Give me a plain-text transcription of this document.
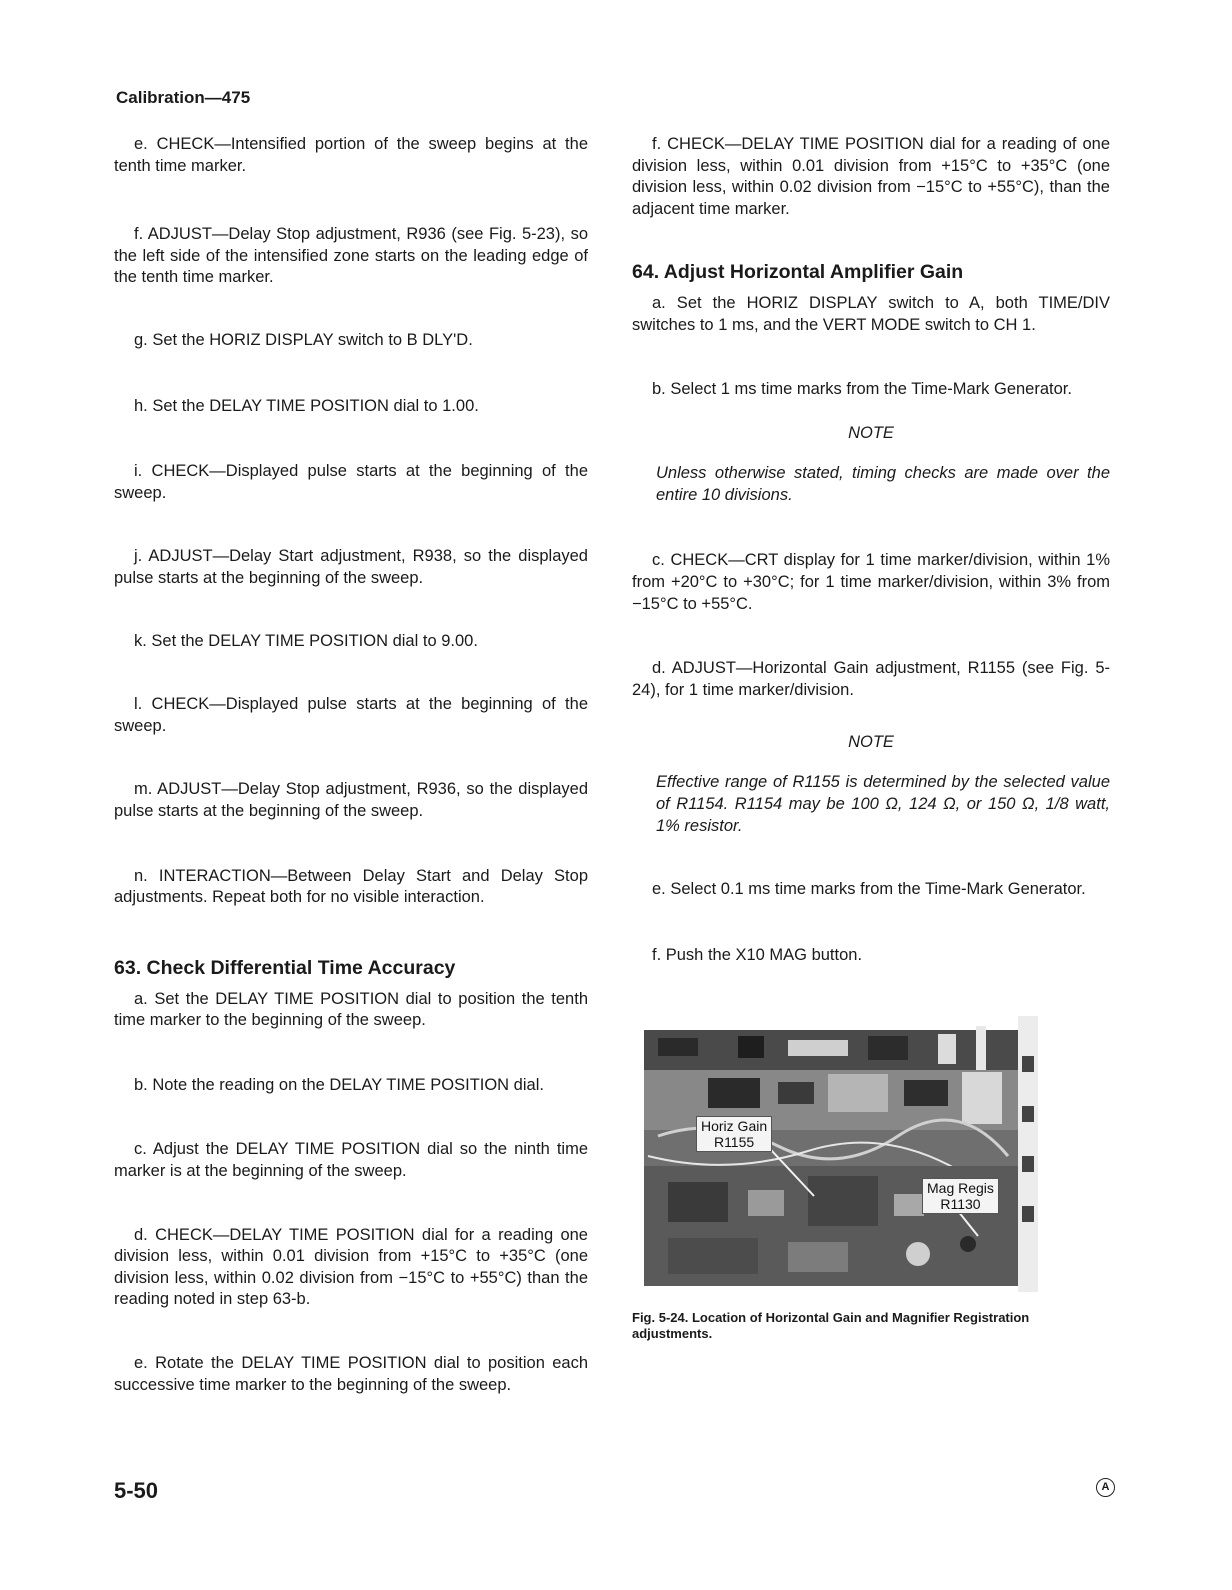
Calibration—475

e. CHECK—Intensified portion of the sweep begins at the tenth time marker.

f. ADJUST—Delay Stop adjustment, R936 (see Fig. 5-23), so the left side of the intensified zone starts on the leading edge of the tenth time marker.

g. Set the HORIZ DISPLAY switch to B DLY'D.

h. Set the DELAY TIME POSITION dial to 1.00.

i. CHECK—Displayed pulse starts at the beginning of the sweep.

j. ADJUST—Delay Start adjustment, R938, so the displayed pulse starts at the beginning of the sweep.

k. Set the DELAY TIME POSITION dial to 9.00.

l. CHECK—Displayed pulse starts at the beginning of the sweep.

m. ADJUST—Delay Stop adjustment, R936, so the displayed pulse starts at the beginning of the sweep.

n. INTERACTION—Between Delay Start and Delay Stop adjustments. Repeat both for no visible interaction.

63. Check Differential Time Accuracy

a. Set the DELAY TIME POSITION dial to position the tenth time marker to the beginning of the sweep.

b. Note the reading on the DELAY TIME POSITION dial.

c. Adjust the DELAY TIME POSITION dial so the ninth time marker is at the beginning of the sweep.

d. CHECK—DELAY TIME POSITION dial for a reading one division less, within 0.01 division from +15°C to +35°C (one division less, within 0.02 division from −15°C to +55°C) than the reading noted in step 63-b.

e. Rotate the DELAY TIME POSITION dial to position each successive time marker to the beginning of the sweep.

f. CHECK—DELAY TIME POSITION dial for a reading of one division less, within 0.01 division from +15°C to +35°C (one division less, within 0.02 division from −15°C to +55°C), than the adjacent time marker.

64. Adjust Horizontal Amplifier Gain

a. Set the HORIZ DISPLAY switch to A, both TIME/DIV switches to 1 ms, and the VERT MODE switch to CH 1.

b. Select 1 ms time marks from the Time-Mark Generator.

NOTE

Unless otherwise stated, timing checks are made over the entire 10 divisions.

c. CHECK—CRT display for 1 time marker/division, within 1% from +20°C to +30°C; for 1 time marker/division, within 3% from −15°C to +55°C.

d. ADJUST—Horizontal Gain adjustment, R1155 (see Fig. 5-24), for 1 time marker/division.

NOTE

Effective range of R1155 is determined by the selected value of R1154. R1154 may be 100 Ω, 124 Ω, or 150 Ω, 1/8 watt, 1% resistor.

e. Select 0.1 ms time marks from the Time-Mark Generator.

f. Push the X10 MAG button.

Horiz Gain
R1155
Mag Regis
R1130

Fig. 5-24. Location of Horizontal Gain and Magnifier Registration adjustments.

5-50	A
